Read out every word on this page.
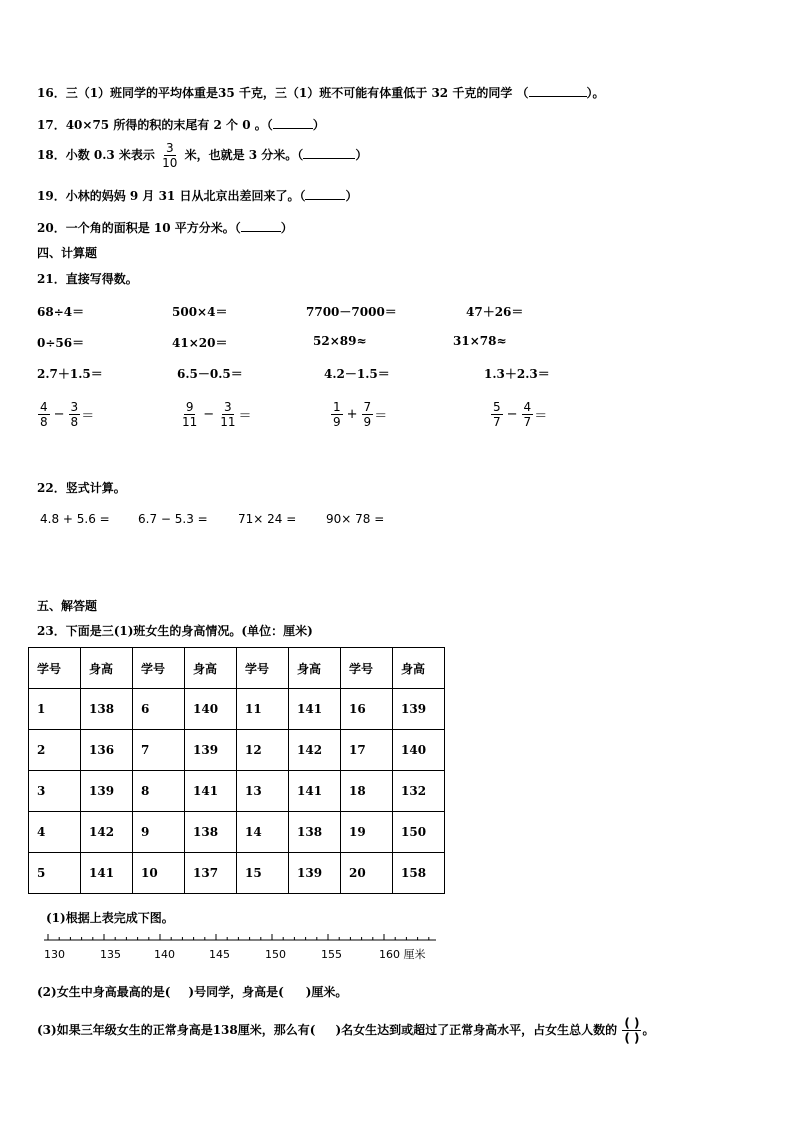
16．三（1）班同学的平均体重是35 千克，三（1）班不可能有体重低于 32 千克的同学 （	）。
17．40×75 所得的积的末尾有 2 个 0 。（	）
18．小数 0.3 米表示 $\frac{3}{10}$ 米，也就是 3 分米。（	）
19．小林的妈妈 9 月 31 日从北京出差回来了。（	）
20．一个角的面积是 10 平方分米。（	）
四、计算题
21．直接写得数。
68÷4＝	500×4＝	7700－7000＝	47＋26＝
0÷56＝	41×20＝	52×89≈	31×78≈
2.7＋1.5＝	6.5－0.5＝	4.2－1.5＝	1.3＋2.3＝
$\frac{4}{8} - \frac{3}{8}$ ＝	$\frac{9}{11} - \frac{3}{11}$ ＝	$\frac{1}{9} + \frac{7}{9}$ ＝	$\frac{5}{7} - \frac{4}{7}$ ＝
22．竖式计算。
4.8 + 5.6 = 6.7 − 5.3 =	71× 24 = 90× 78 =
五、解答题
23．下面是三(1)班女生的身高情况。(单位：厘米)
学号	身高	学号	身高	学号	身高	学号	身高
1	138	6	140	11	141	16	139
2	136	7	139	12	142	17	140
3	139	8	141	13	141	18	132
4	142	9	138	14	138	19	150
5	141	10	137	15	139	20	158
(1)根据上表完成下图。
130	135	140	145	150	155	160 厘米
(2)女生中身高最高的是( )号同学，身高是( )厘米。
(3)如果三年级女生的正常身高是138厘米，那么有( )名女生达到或超过了正常身高水平，占女生总人数的 $\frac{( )}{( )}$ 。
